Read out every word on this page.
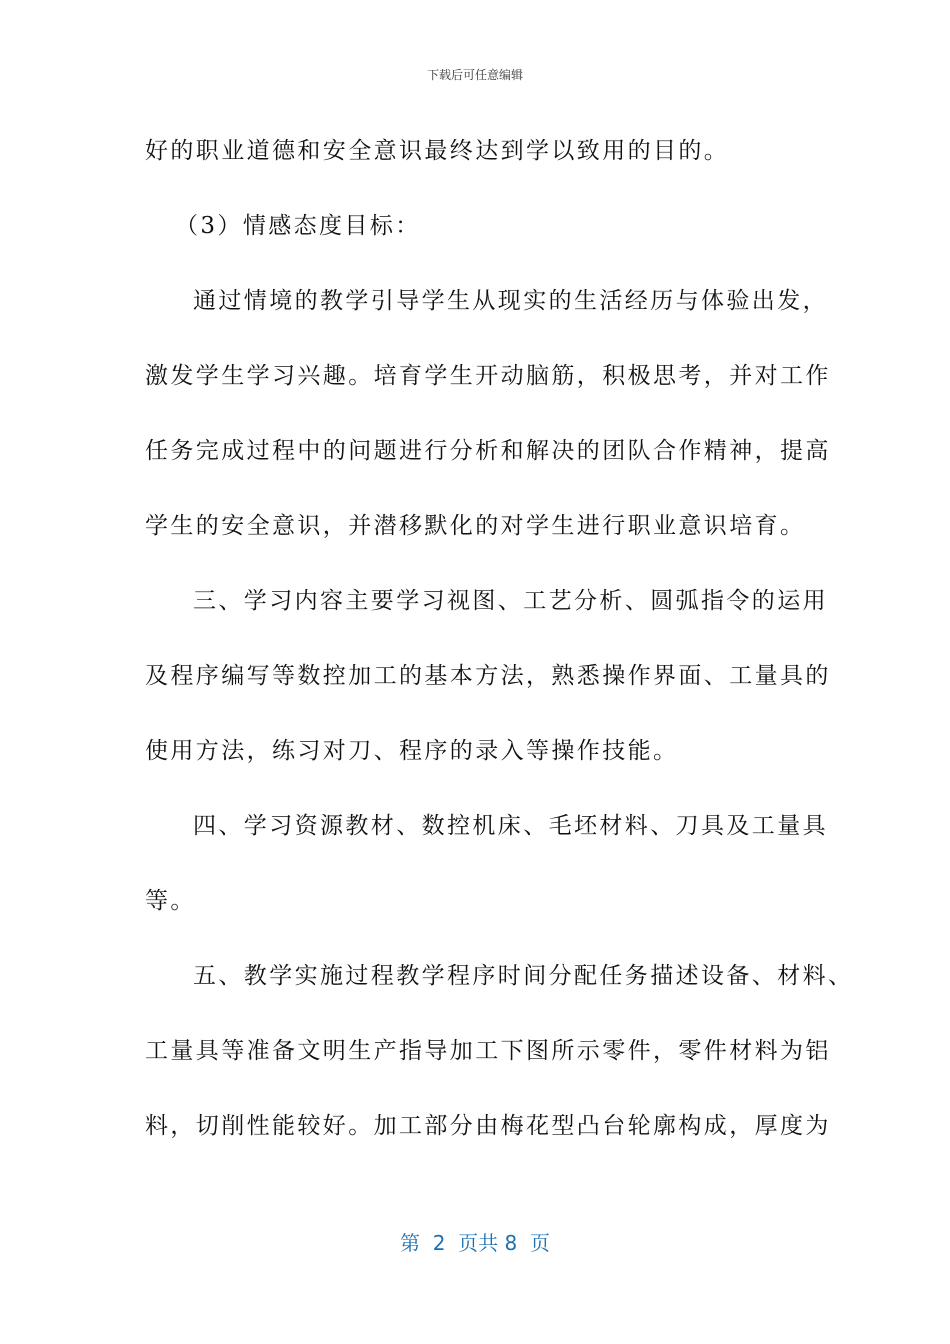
下载后可任意编辑
好的职业道德和安全意识最终达到学以致用的目的。
（3）情感态度目标：
通过情境的教学引导学生从现实的生活经历与体验出发，
激发学生学习兴趣。培育学生开动脑筋，积极思考，并对工作
任务完成过程中的问题进行分析和解决的团队合作精神，提高
学生的安全意识，并潜移默化的对学生进行职业意识培育。
三、学习内容主要学习视图、工艺分析、圆弧指令的运用
及程序编写等数控加工的基本方法，熟悉操作界面、工量具的
使用方法，练习对刀、程序的录入等操作技能。
四、学习资源教材、数控机床、毛坯材料、刀具及工量具
等。
五、教学实施过程教学程序时间分配任务描述设备、材料、
工量具等准备文明生产指导加工下图所示零件，零件材料为铝
料，切削性能较好。加工部分由梅花型凸台轮廓构成，厚度为
第  2  页共 8  页
